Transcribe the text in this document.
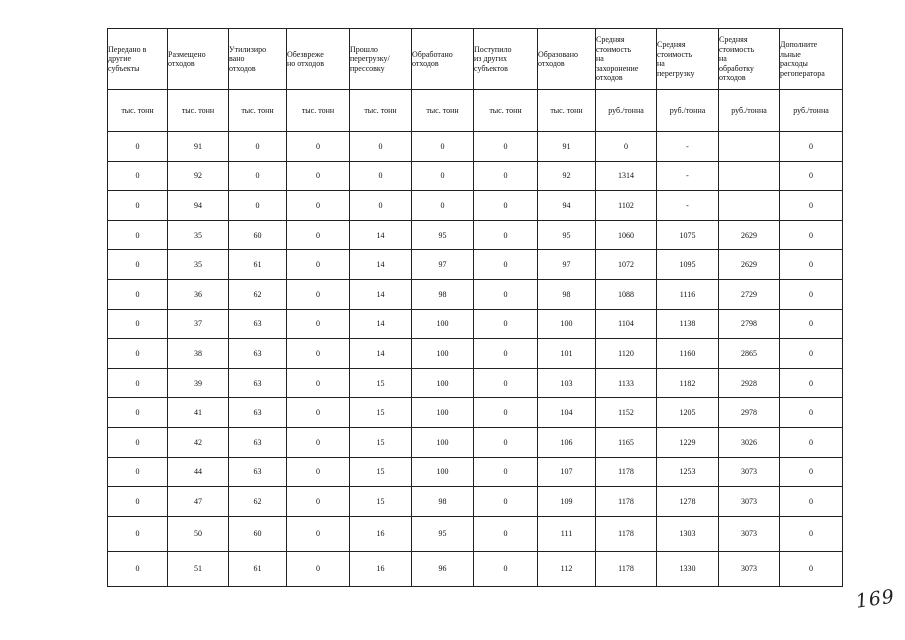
Передано в
другие
субъекты	Размещено
отходов	Утилизиро
вано
отходов	Обезвреже
но отходов	Прошло
перегрузку/
прессовку	Обработано
отходов	Поступило
из других
субъектов	Образовано
отходов	Средняя
стоимость
на
захоронение
отходов	Средняя
стоимость
на
перегрузку	Средняя
стоимость
на
обработку
отходов	Дополните
льные
расходы
регоператора

тыс. тонн	тыс. тонн	тыс. тонн	тыс. тонн	тыс. тонн	тыс. тонн	тыс. тонн	тыс. тонн	руб./тонна	руб./тонна	руб./тонна	руб./тонна
0	91	0	0	0	0	0	91	0	-		0
0	92	0	0	0	0	0	92	1314	-		0
0	94	0	0	0	0	0	94	1102	-		0
0	35	60	0	14	95	0	95	1060	1075	2629	0
0	35	61	0	14	97	0	97	1072	1095	2629	0
0	36	62	0	14	98	0	98	1088	1116	2729	0
0	37	63	0	14	100	0	100	1104	1138	2798	0
0	38	63	0	14	100	0	101	1120	1160	2865	0
0	39	63	0	15	100	0	103	1133	1182	2928	0
0	41	63	0	15	100	0	104	1152	1205	2978	0
0	42	63	0	15	100	0	106	1165	1229	3026	0
0	44	63	0	15	100	0	107	1178	1253	3073	0
0	47	62	0	15	98	0	109	1178	1278	3073	0
0	50	60	0	16	95	0	111	1178	1303	3073	0
0	51	61	0	16	96	0	112	1178	1330	3073	0
169
